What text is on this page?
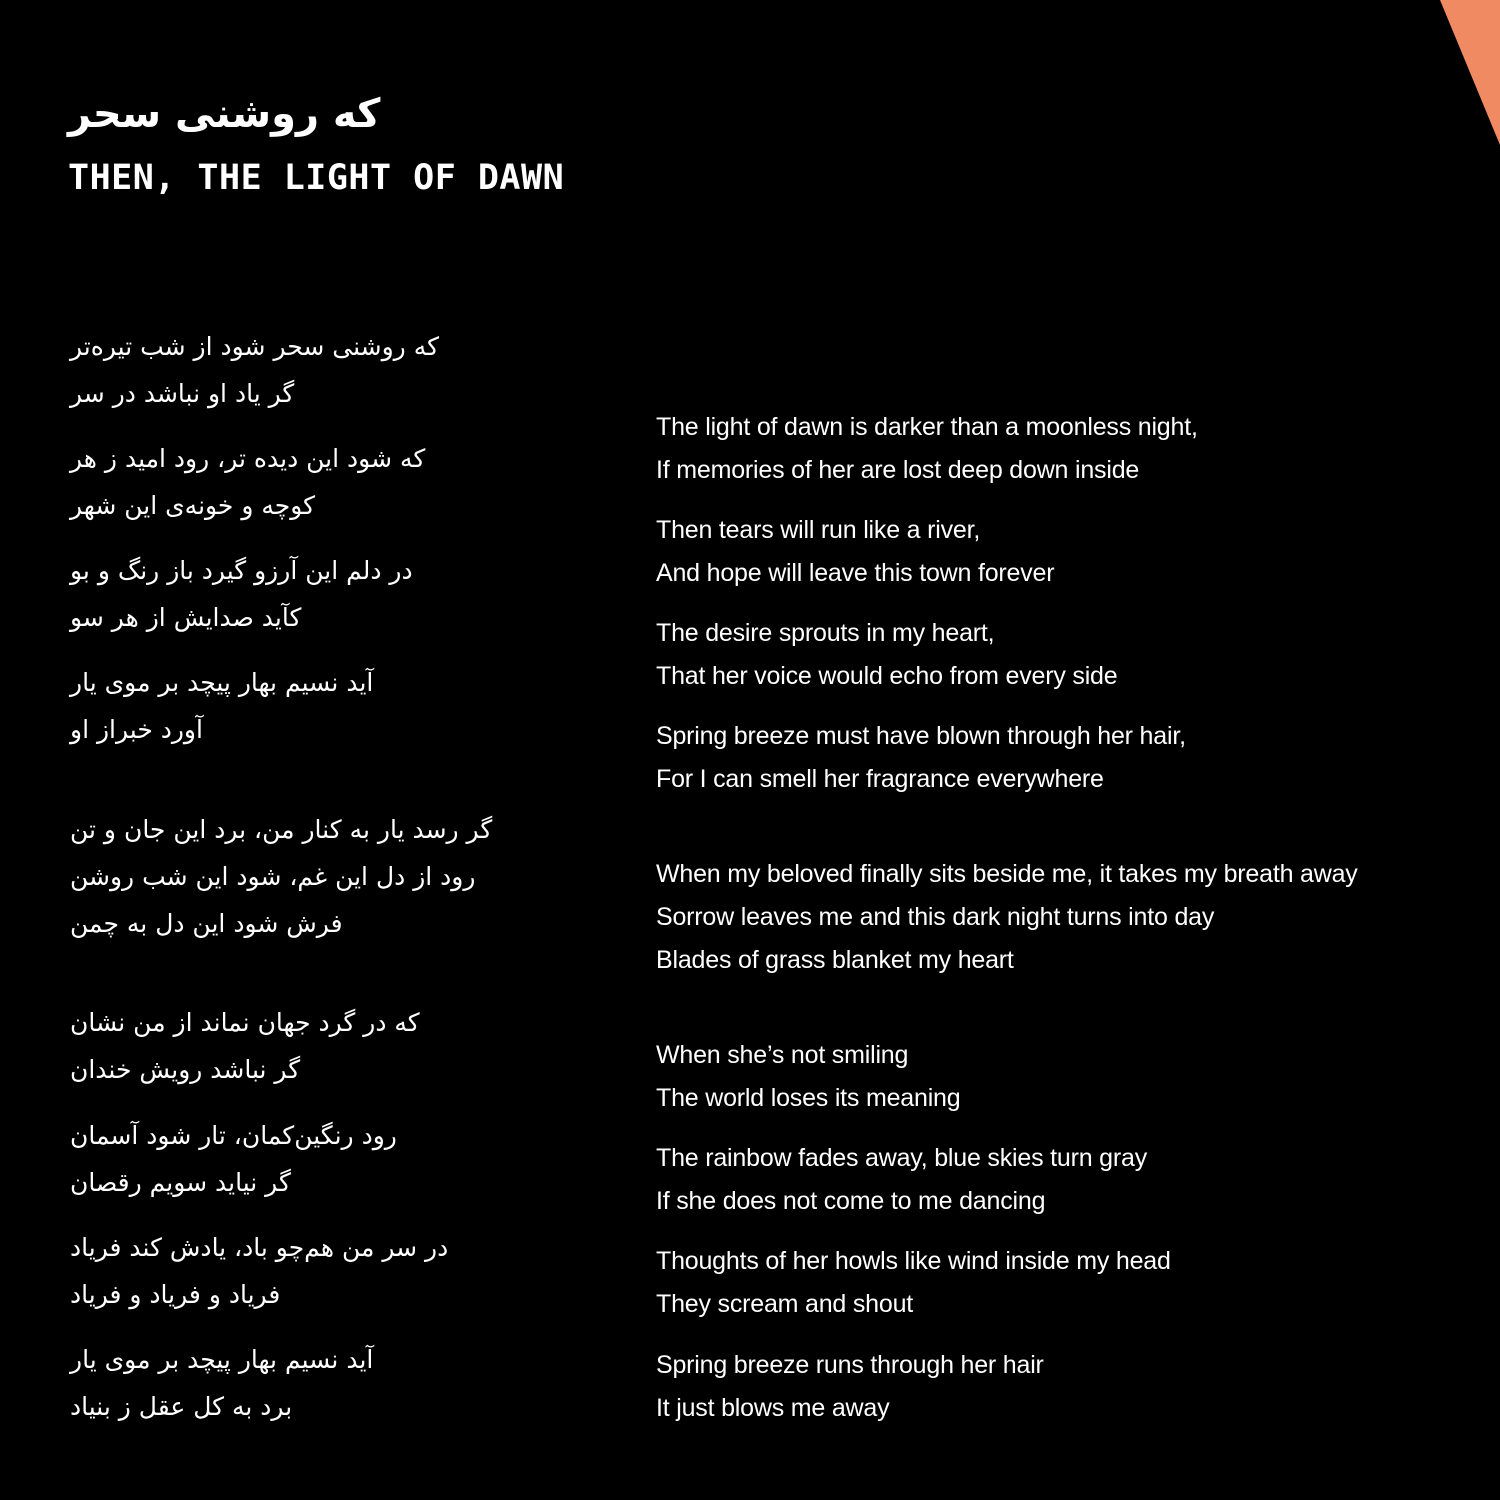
که روشنی سحر
THEN, THE LIGHT OF DAWN

که روشنی سحر شود از شب تیره‌تر

گر یاد او نباشد در سر

که شود این دیده تر، رود امید ز هر

کوچه و خونه‌ی این شهر

در دلم این آرزو گیرد باز رنگ و بو

کآید صدایش از هر سو

آید نسیم بهار پیچد بر موی یار

آورد خبراز او

گر رسد یار به کنار من، برد این جان و تن

رود از دل این غم، شود این شب روشن

فرش شود این دل به چمن

که در گرد جهان نماند از من نشان

گر نباشد رویش خندان

رود رنگین‌کمان، تار شود آسمان

گر نیاید سویم رقصان

در سر من هم‌چو باد، یادش کند فریاد

فریاد و فریاد و فریاد

آید نسیم بهار پیچد بر موی یار

برد به کل عقل ز بنیاد

The light of dawn is darker than a moonless night,

If memories of her are lost deep down inside

Then tears will run like a river,

And hope will leave this town forever

The desire sprouts in my heart,

That her voice would echo from every side

Spring breeze must have blown through her hair,

For I can smell her fragrance everywhere

When my beloved finally sits beside me, it takes my breath away

Sorrow leaves me and this dark night turns into day

Blades of grass blanket my heart

When she’s not smiling

The world loses its meaning

The rainbow fades away, blue skies turn gray

If she does not come to me dancing

Thoughts of her howls like wind inside my head

They scream and shout

Spring breeze runs through her hair

It just blows me away
